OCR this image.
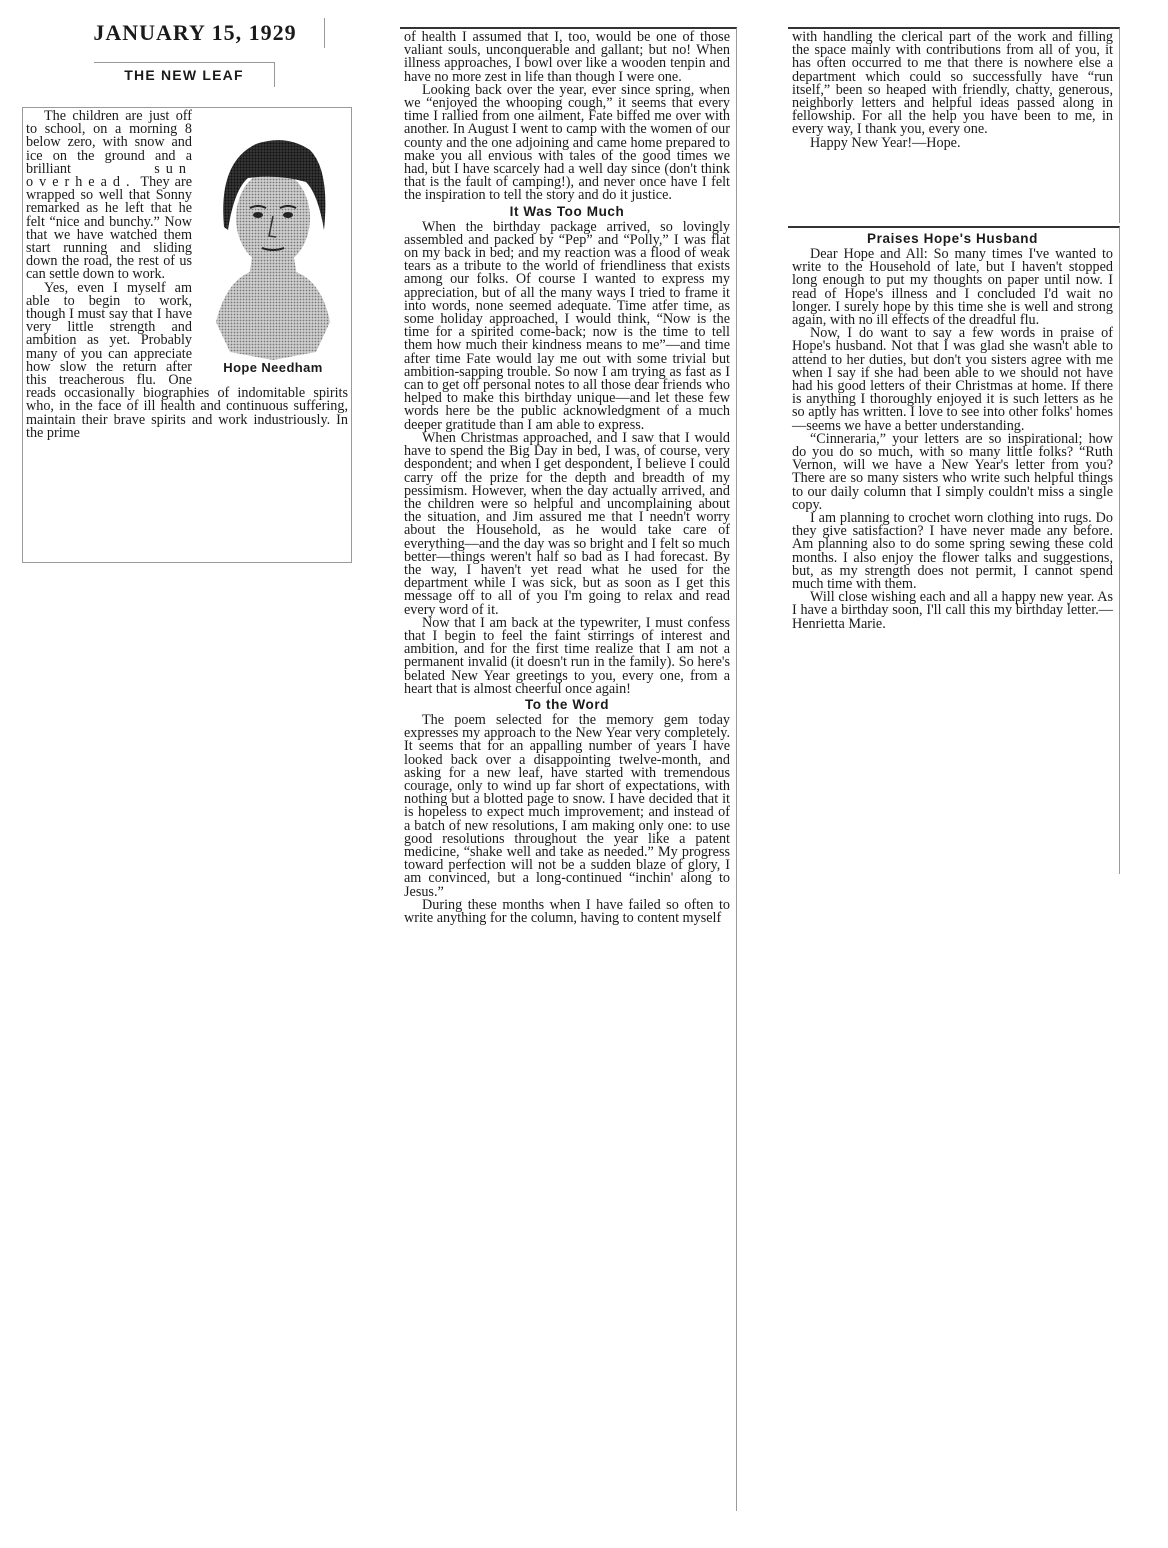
JANUARY 15, 1929
THE NEW LEAF
Hope Needham

The children are just off to school, on a morning 8 below zero, with snow and ice on the ground and a brilliant	sun overhead. They are wrapped so well that Sonny remarked as he left that he felt “nice and bunchy.” Now that we have watched them start running and sliding down the road, the rest of us can settle down to work.

Yes, even I myself am able to begin to work, though I must say that I have very little strength and ambition as yet. Probably many of you can appreciate how slow the return after this treacherous flu. One reads occasionally biographies of indomitable spirits who, in the face of ill health and continuous suffering, maintain their brave spirits and work industriously. In the prime

of health I assumed that I, too, would be one of those valiant souls, unconquerable and gallant; but no! When illness approaches, I bowl over like a wooden tenpin and have no more zest in life than though I were one.

Looking back over the year, ever since spring, when we “enjoyed the whooping cough,” it seems that every time I rallied from one ailment, Fate biffed me over with another. In August I went to camp with the women of our county and the one adjoining and came home prepared to make you all envious with tales of the good times we had, but I have scarcely had a well day since (don't think that is the fault of camping!), and never once have I felt the inspiration to tell the story and do it justice.

It Was Too Much

When the birthday package arrived, so lovingly assembled and packed by “Pep” and “Polly,” I was flat on my back in bed; and my reaction was a flood of weak tears as a tribute to the world of friendliness that exists among our folks. Of course I wanted to express my appreciation, but of all the many ways I tried to frame it into words, none seemed adequate. Time atfer time, as some holiday approached, I would think, “Now is the time for a spirited come-back; now is the time to tell them how much their kindness means to me”—and time after time Fate would lay me out with some trivial but ambition-sapping trouble. So now I am trying as fast as I can to get off personal notes to all those dear friends who helped to make this birthday unique—and let these few words here be the public acknowledgment of a much deeper gratitude than I am able to express.

When Christmas approached, and I saw that I would have to spend the Big Day in bed, I was, of course, very despondent; and when I get despondent, I believe I could carry off the prize for the depth and breadth of my pessimism. However, when the day actually arrived, and the children were so helpful and uncomplaining about the situation, and Jim assured me that I needn't worry about the Household, as he would take care of everything—and the day was so bright and I felt so much better—things weren't half so bad as I had forecast. By the way, I haven't yet read what he used for the department while I was sick, but as soon as I get this message off to all of you I'm going to relax and read every word of it.

Now that I am back at the typewriter, I must confess that I begin to feel the faint stirrings of interest and ambition, and for the first time realize that I am not a permanent invalid (it doesn't run in the family). So here's belated New Year greetings to you, every one, from a heart that is almost cheerful once again!

To the Word

The poem selected for the memory gem today expresses my approach to the New Year very completely. It seems that for an appalling number of years I have looked back over a disappointing twelve-month, and asking for a new leaf, have started with tremendous courage, only to wind up far short of expectations, with nothing but a blotted page to snow. I have decided that it is hopeless to expect much improvement; and instead of a batch of new resolutions, I am making only one: to use good resolutions throughout the year like a patent medicine, “shake well and take as needed.” My progress toward perfection will not be a sudden blaze of glory, I am convinced, but a long-continued “inchin' along to Jesus.”

During these months when I have failed so often to write anything for the column, having to content myself

with handling the clerical part of the work and filling the space mainly with contributions from all of you, it has often occurred to me that there is nowhere else a department which could so successfully have “run itself,” been so heaped with friendly, chatty, generous, neighborly letters and helpful ideas passed along in fellowship. For all the help you have been to me, in every way, I thank you, every one.

Happy New Year!—Hope.

Praises Hope's Husband

Dear Hope and All: So many times I've wanted to write to the Household of late, but I haven't stopped long enough to put my thoughts on paper until now. I read of Hope's illness and I concluded I'd wait no longer. I surely hope by this time she is well and strong again, with no ill effects of the dreadful flu.

Now, I do want to say a few words in praise of Hope's husband. Not that I was glad she wasn't able to attend to her duties, but don't you sisters agree with me when I say if she had been able to we should not have had his good letters of their Christmas at home. If there is anything I thoroughly enjoyed it is such letters as he so aptly has written. I love to see into other folks' homes—seems we have a better understanding.

“Cinneraria,” your letters are so inspirational; how do you do so much, with so many little folks? “Ruth Vernon, will we have a New Year's letter from you? There are so many sisters who write such helpful things to our daily column that I simply couldn't miss a single copy.

I am planning to crochet worn clothing into rugs. Do they give satisfaction? I have never made any before. Am planning also to do some spring sewing these cold months. I also enjoy the flower talks and suggestions, but, as my strength does not permit, I cannot spend much time with them.

Will close wishing each and all a happy new year. As I have a birthday soon, I'll call this my birthday letter.—Henrietta Marie.
